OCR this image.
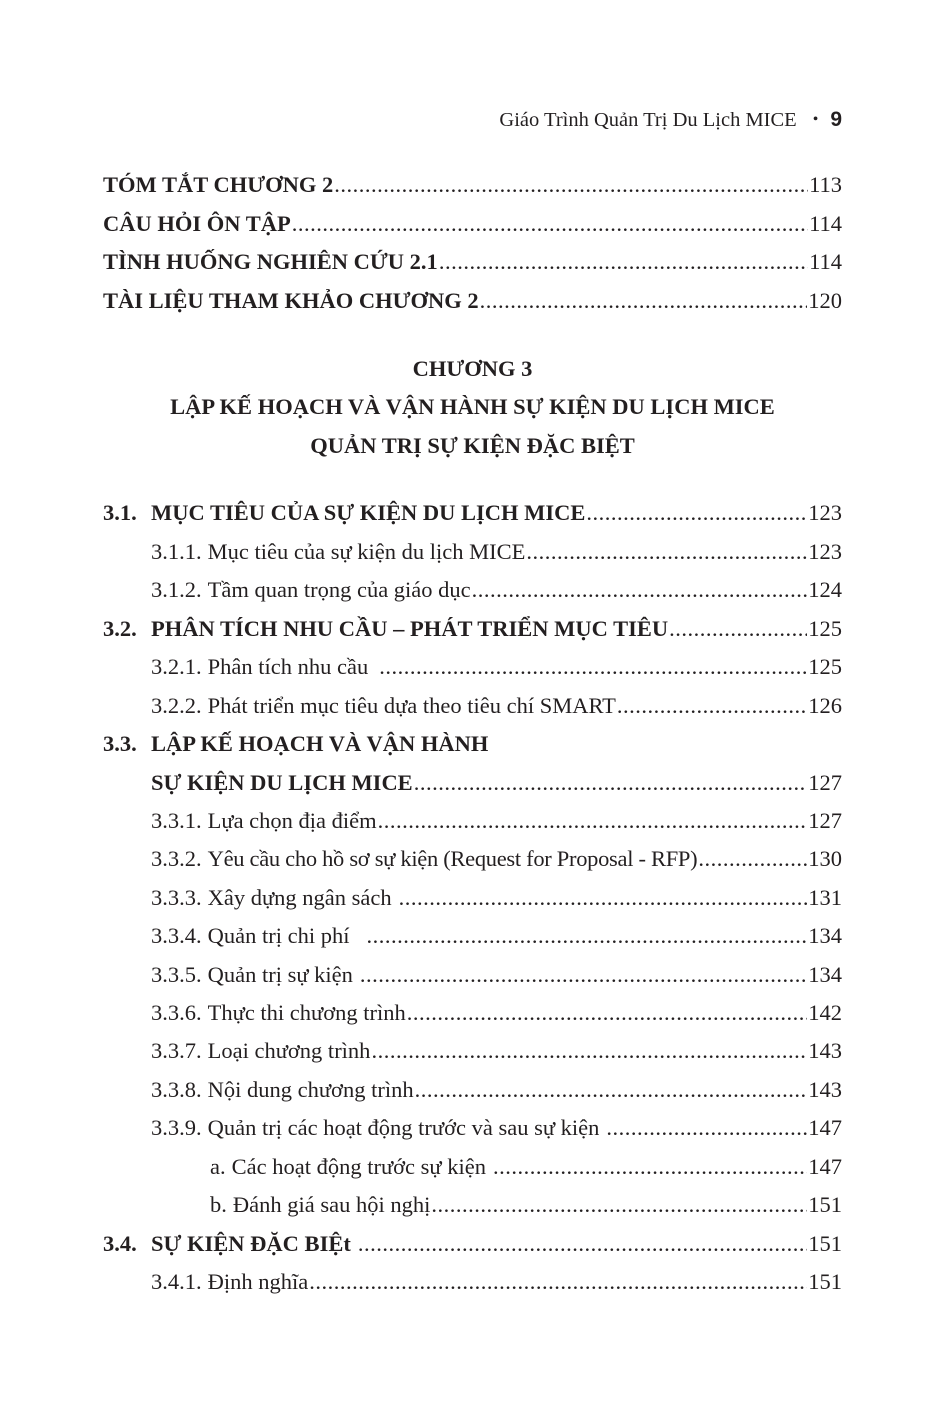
Giáo Trình Quản Trị Du Lịch MICE • 9
TÓM TẮT CHƯƠNG 2 .....	113
CÂU HỎI ÔN TẬP .....	114
TÌNH HUỐNG NGHIÊN CỨU 2.1 .....	114
TÀI LIỆU THAM KHẢO CHƯƠNG 2 .....	120
CHƯƠNG 3
LẬP KẾ HOẠCH VÀ VẬN HÀNH SỰ KIỆN DU LỊCH MICE
QUẢN TRỊ SỰ KIỆN ĐẶC BIỆT
3.1. MỤC TIÊU CỦA SỰ KIỆN DU LỊCH MICE .....	123
3.1.1. Mục tiêu của sự kiện du lịch MICE .....	123
3.1.2. Tầm quan trọng của giáo dục .....	124
3.2. PHÂN TÍCH NHU CẦU – PHÁT TRIỂN MỤC TIÊU .....	125
3.2.1. Phân tích nhu cầu .....	125
3.2.2. Phát triển mục tiêu dựa theo tiêu chí SMART .....	126
3.3. LẬP KẾ HOẠCH VÀ VẬN HÀNH
SỰ KIỆN DU LỊCH MICE .....	127
3.3.1. Lựa chọn địa điểm .....	127
3.3.2. Yêu cầu cho hồ sơ sự kiện (Request for Proposal - RFP) .....	130
3.3.3. Xây dựng ngân sách .....	131
3.3.4. Quản trị chi phí .....	134
3.3.5. Quản trị sự kiện .....	134
3.3.6. Thực thi chương trình .....	142
3.3.7. Loại chương trình .....	143
3.3.8. Nội dung chương trình .....	143
3.3.9. Quản trị các hoạt động trước và sau sự kiện .....	147
a. Các hoạt động trước sự kiện .....	147
b. Đánh giá sau hội nghị .....	151
3.4. SỰ KIỆN ĐẶC BIỆt .....	151
3.4.1. Định nghĩa .....	151
